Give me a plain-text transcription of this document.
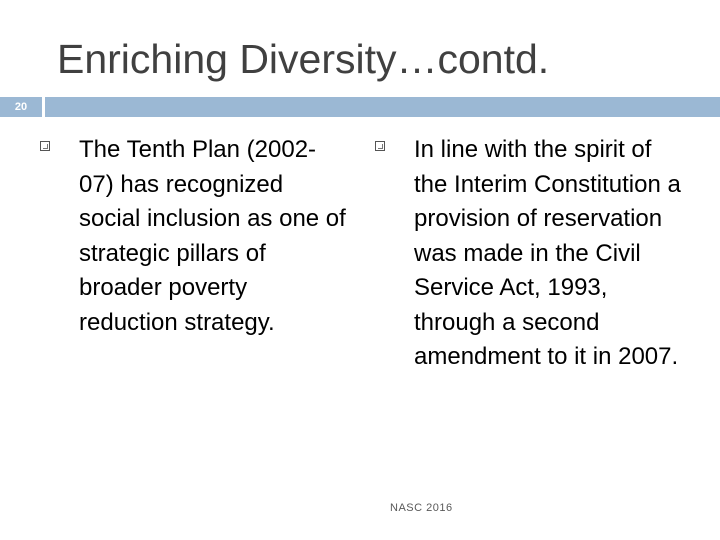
Enriching Diversity…contd.
20
The Tenth Plan (2002-07) has recognized social inclusion as one of strategic pillars of broader poverty reduction strategy.
In line with the spirit of the Interim Constitution a provision of reservation was made in the Civil Service Act, 1993, through a second amendment to it in 2007.
NASC 2016
